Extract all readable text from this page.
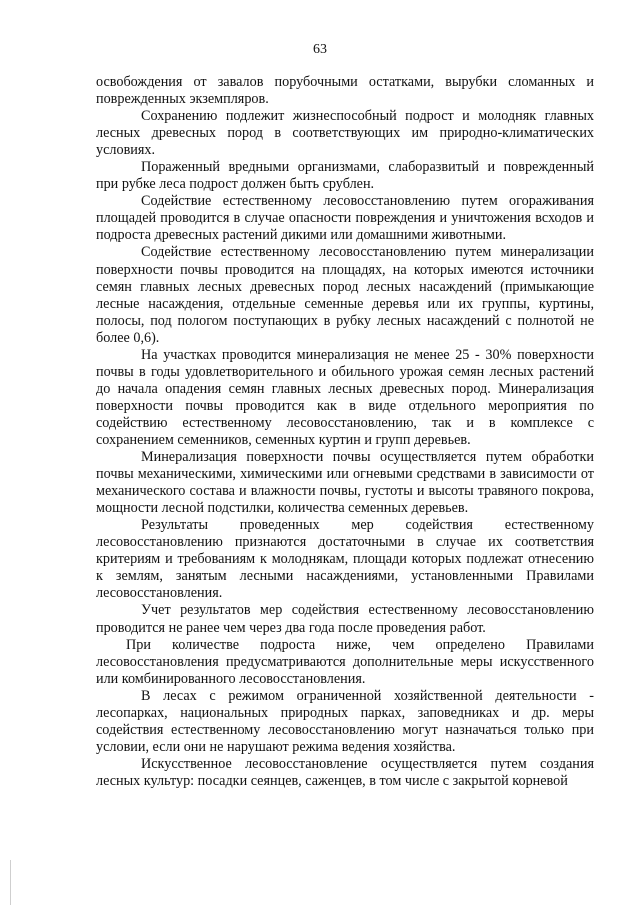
63

освобождения от завалов порубочными остатками, вырубки сломанных и поврежденных экземпляров.

Сохранению подлежит жизнеспособный подрост и молодняк главных лесных древесных пород в соответствующих им природно-климатических условиях.

Пораженный вредными организмами, слаборазвитый и поврежденный при рубке леса подрост должен быть срублен.

Содействие естественному лесовосстановлению путем огораживания площадей проводится в случае опасности повреждения и уничтожения всходов и подроста древесных растений дикими или домашними животными.

Содействие естественному лесовосстановлению путем минерализации поверхности почвы проводится на площадях, на которых имеются источники семян главных лесных древесных пород лесных насаждений (примыкающие лесные насаждения, отдельные семенные деревья или их группы, куртины, полосы, под пологом поступающих в рубку лесных насаждений с полнотой не более 0,6).

На участках проводится минерализация не менее 25 - 30% поверхности почвы в годы удовлетворительного и обильного урожая семян лесных растений до начала опадения семян главных лесных древесных пород. Минерализация поверхности почвы проводится как в виде отдельного мероприятия по содействию естественному лесовосстановлению, так и в комплексе с сохранением семенников, семенных куртин и групп деревьев.

Минерализация поверхности почвы осуществляется путем обработки почвы механическими, химическими или огневыми средствами в зависимости от механического состава и влажности почвы, густоты и высоты травяного покрова, мощности лесной подстилки, количества семенных деревьев.

Результаты проведенных мер содействия естественному лесовосстановлению признаются достаточными в случае их соответствия критериям и требованиям к молоднякам, площади которых подлежат отнесению к землям, занятым лесными насаждениями, установленными Правилами лесовосстановления.

Учет результатов мер содействия естественному лесовосстановлению проводится не ранее чем через два года после проведения работ.

При количестве подроста ниже, чем определено Правилами лесовосстановления предусматриваются дополнительные меры искусственного или комбинированного лесовосстановления.

В лесах с режимом ограниченной хозяйственной деятельности - лесопарках, национальных природных парках, заповедниках и др. меры содействия естественному лесовосстановлению могут назначаться только при условии, если они не нарушают режима ведения хозяйства.

Искусственное лесовосстановление осуществляется путем создания лесных культур: посадки сеянцев, саженцев, в том числе с закрытой корневой
